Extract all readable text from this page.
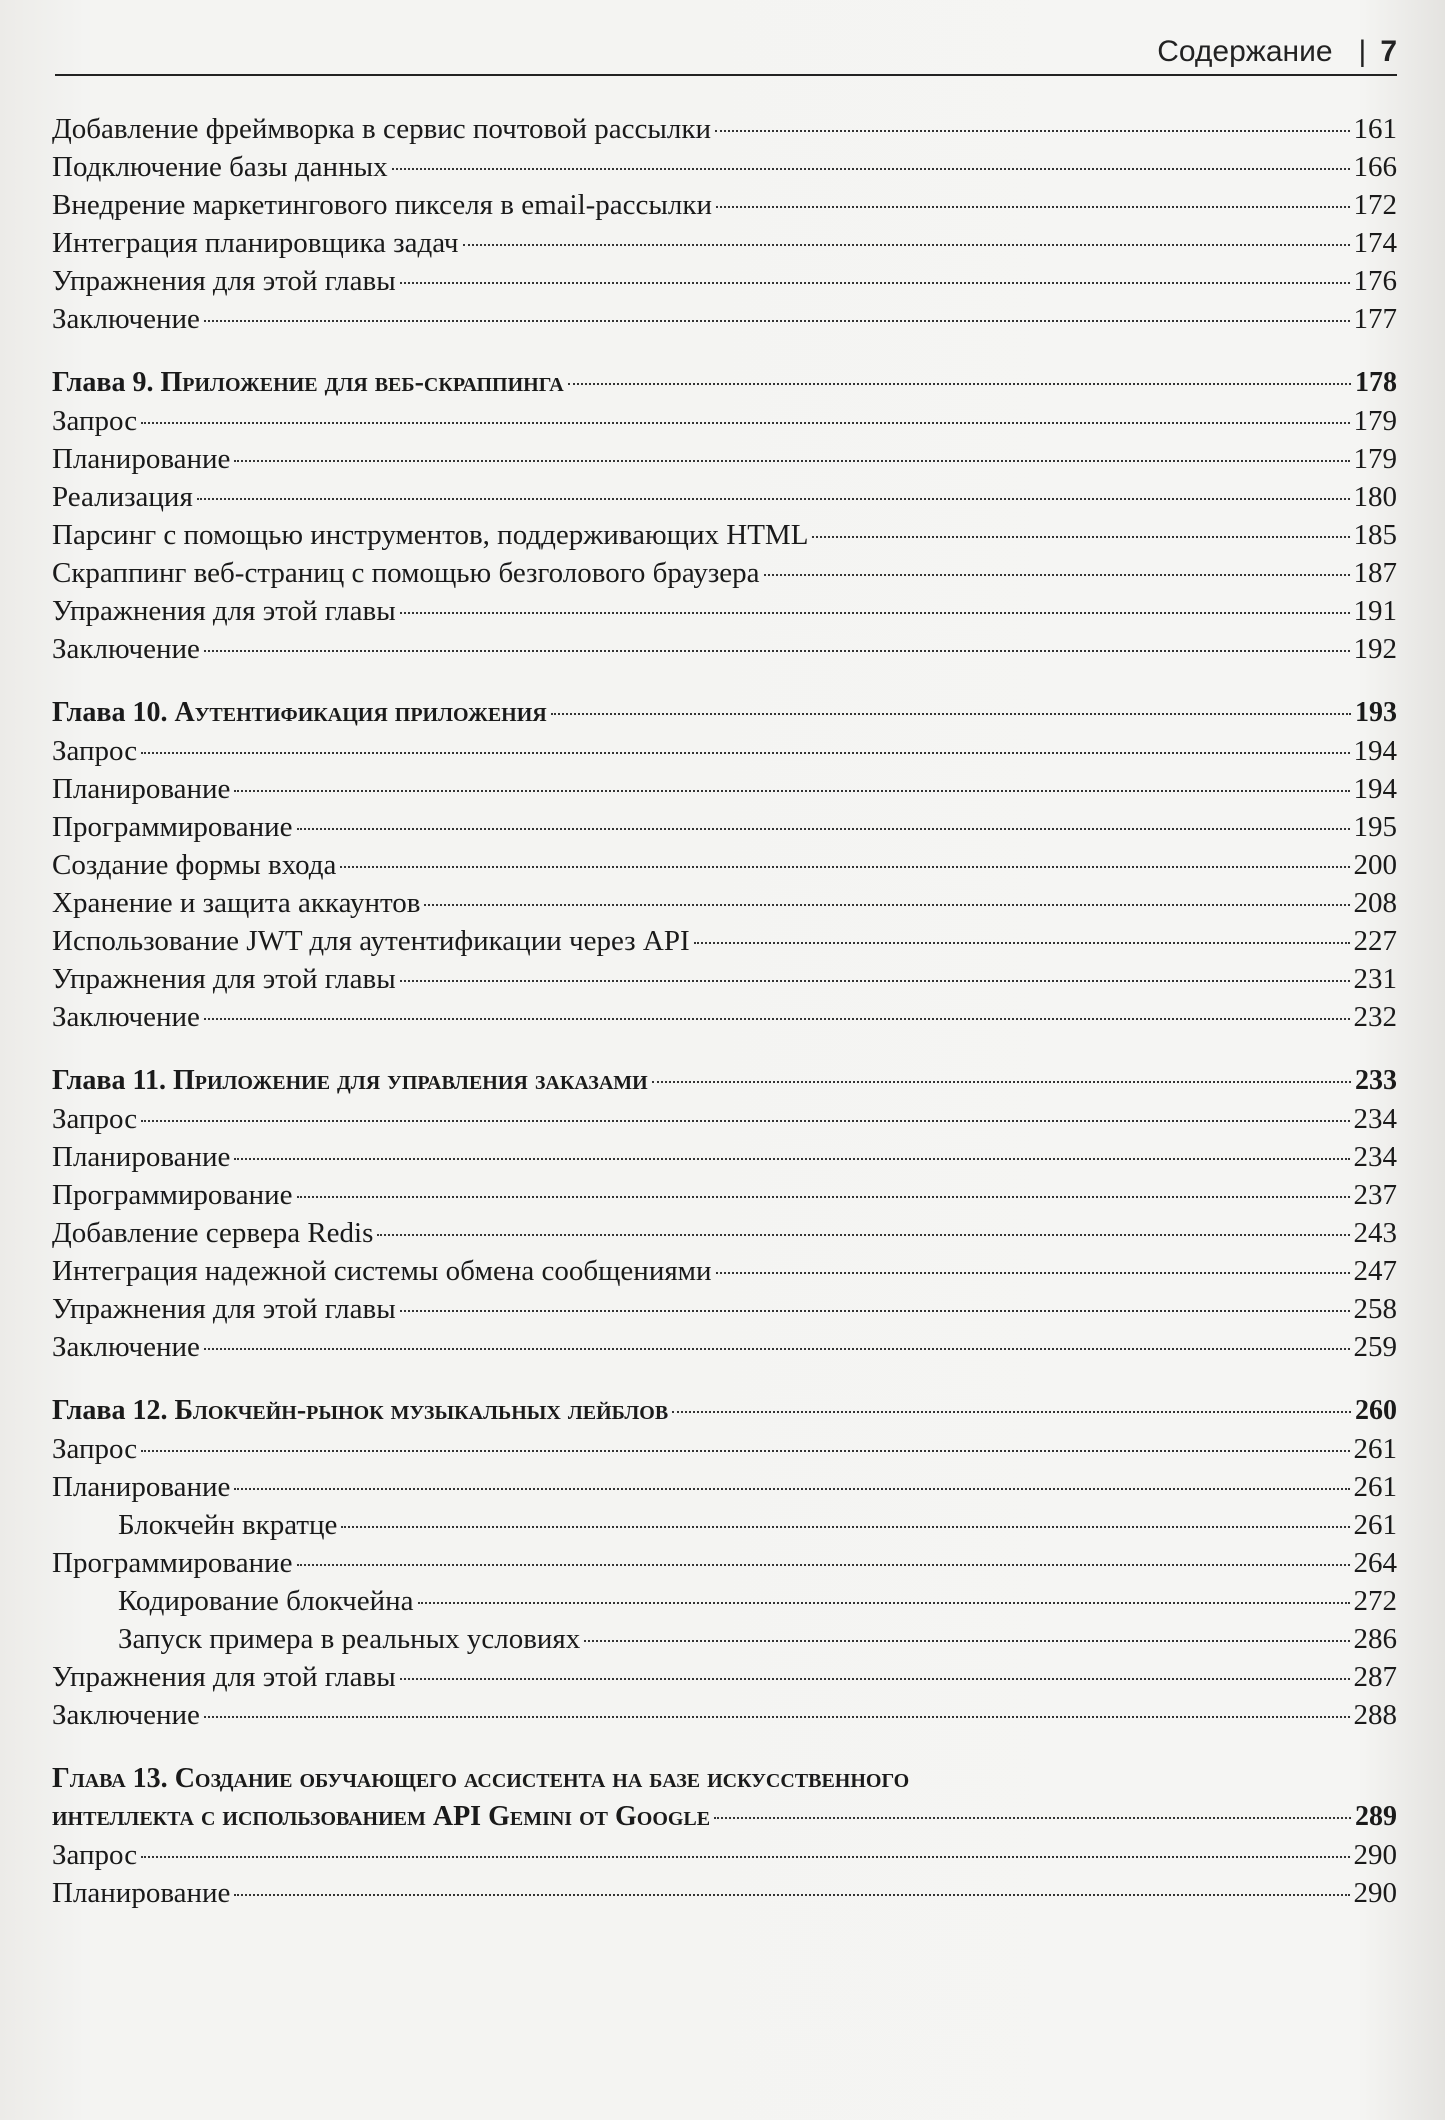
Содержание | 7
Добавление фреймворка в сервис почтовой рассылки	161
Подключение базы данных	166
Внедрение маркетингового пикселя в email-рассылки	172
Интеграция планировщика задач	174
Упражнения для этой главы	176
Заключение	177
Глава 9. Приложение для веб-скраппинга	178
Запрос	179
Планирование	179
Реализация	180
Парсинг с помощью инструментов, поддерживающих HTML	185
Скраппинг веб-страниц с помощью безголового браузера	187
Упражнения для этой главы	191
Заключение	192
Глава 10. Аутентификация приложения	193
Запрос	194
Планирование	194
Программирование	195
Создание формы входа	200
Хранение и защита аккаунтов	208
Использование JWT для аутентификации через API	227
Упражнения для этой главы	231
Заключение	232
Глава 11. Приложение для управления заказами	233
Запрос	234
Планирование	234
Программирование	237
Добавление сервера Redis	243
Интеграция надежной системы обмена сообщениями	247
Упражнения для этой главы	258
Заключение	259
Глава 12. Блокчейн-рынок музыкальных лейблов	260
Запрос	261
Планирование	261
Блокчейн вкратце	261
Программирование	264
Кодирование блокчейна	272
Запуск примера в реальных условиях	286
Упражнения для этой главы	287
Заключение	288
Глава 13. Создание обучающего ассистента на базе искусственного
интеллекта с использованием API Gemini от Google	289
Запрос	290
Планирование	290
